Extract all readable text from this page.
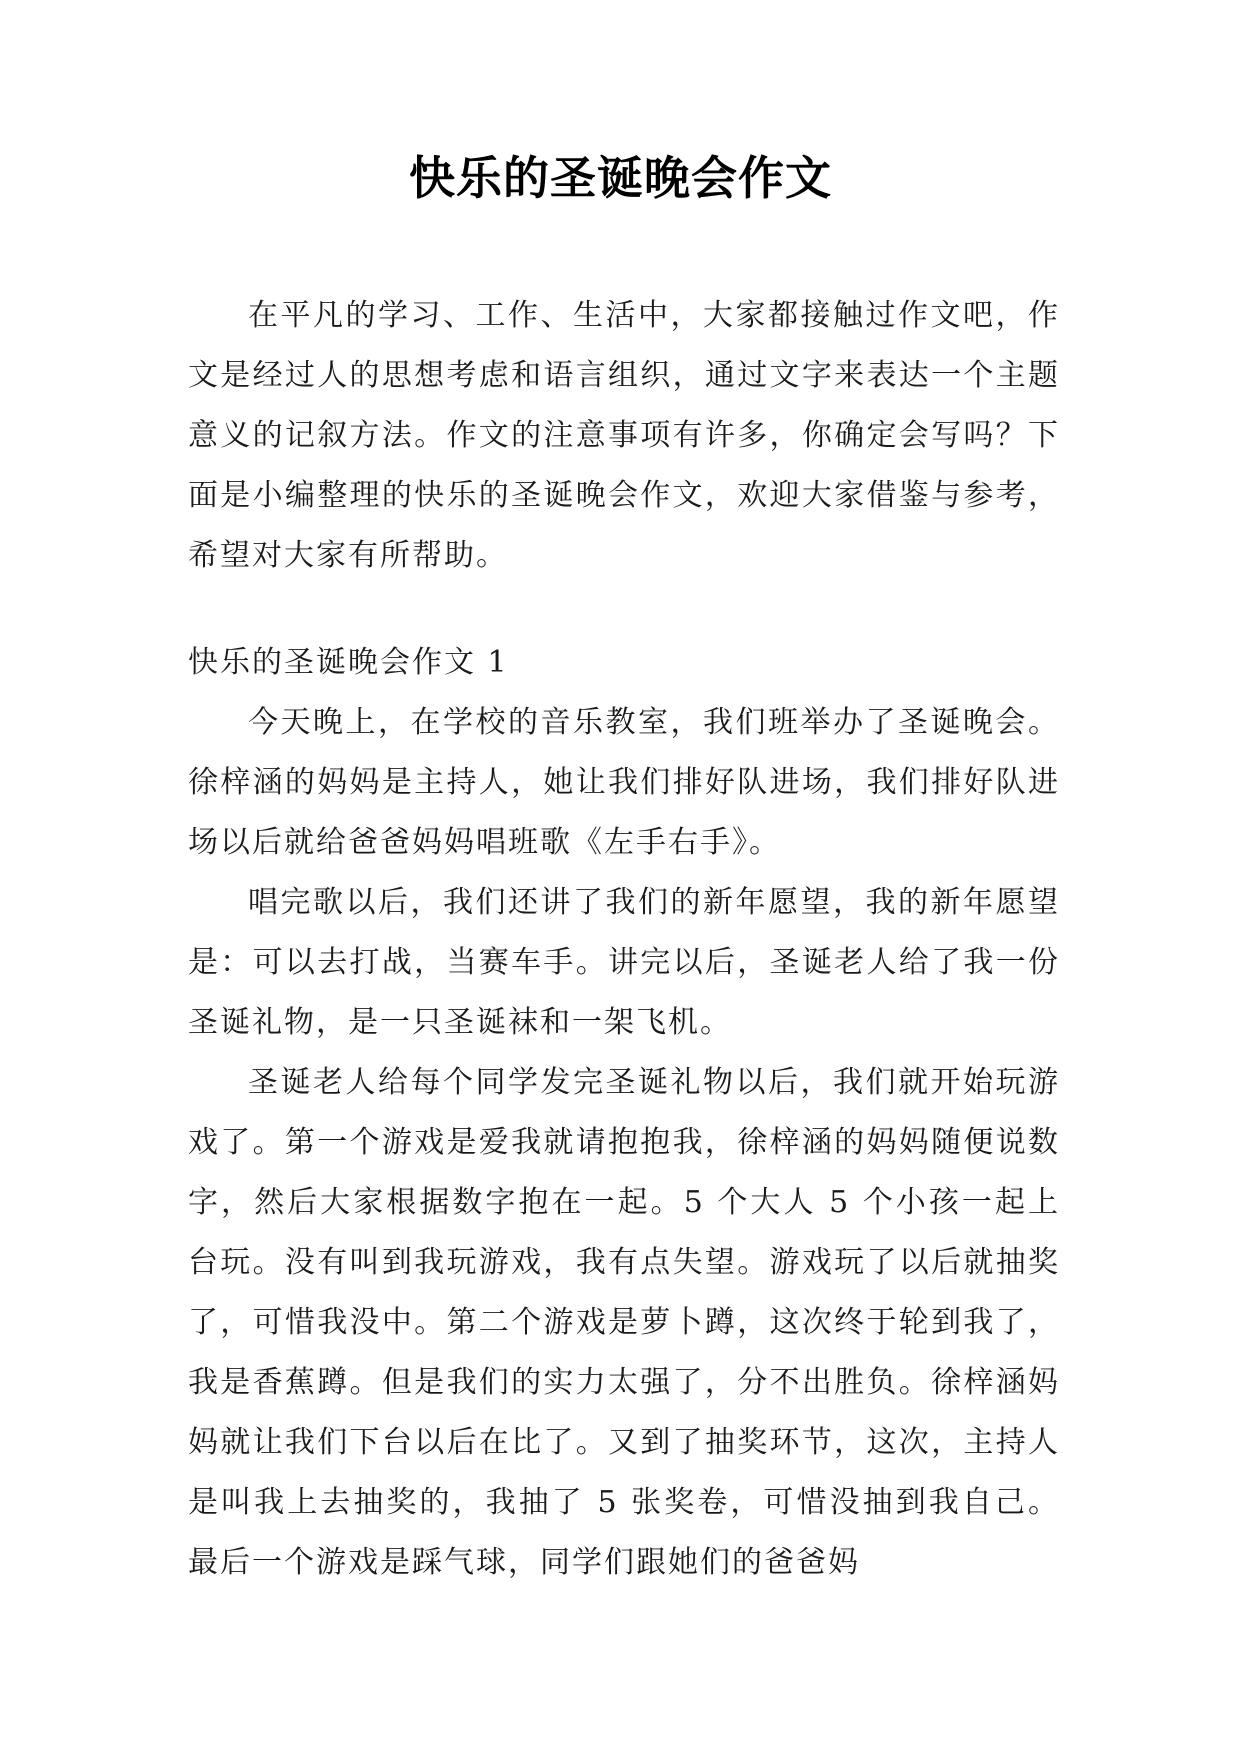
快乐的圣诞晚会作文

在平凡的学习、工作、生活中，大家都接触过作文吧，作文是经过人的思想考虑和语言组织，通过文字来表达一个主题意义的记叙方法。作文的注意事项有许多，你确定会写吗？下面是小编整理的快乐的圣诞晚会作文，欢迎大家借鉴与参考，希望对大家有所帮助。

快乐的圣诞晚会作文 1

今天晚上，在学校的音乐教室，我们班举办了圣诞晚会。徐梓涵的妈妈是主持人，她让我们排好队进场，我们排好队进场以后就给爸爸妈妈唱班歌《左手右手》。

唱完歌以后，我们还讲了我们的新年愿望，我的新年愿望是：可以去打战，当赛车手。讲完以后，圣诞老人给了我一份圣诞礼物，是一只圣诞袜和一架飞机。

圣诞老人给每个同学发完圣诞礼物以后，我们就开始玩游戏了。第一个游戏是爱我就请抱抱我，徐梓涵的妈妈随便说数字，然后大家根据数字抱在一起。5 个大人 5 个小孩一起上台玩。没有叫到我玩游戏，我有点失望。游戏玩了以后就抽奖了，可惜我没中。第二个游戏是萝卜蹲，这次终于轮到我了，我是香蕉蹲。但是我们的实力太强了，分不出胜负。徐梓涵妈妈就让我们下台以后在比了。又到了抽奖环节，这次，主持人是叫我上去抽奖的，我抽了 5 张奖卷，可惜没抽到我自己。最后一个游戏是踩气球，同学们跟她们的爸爸妈
